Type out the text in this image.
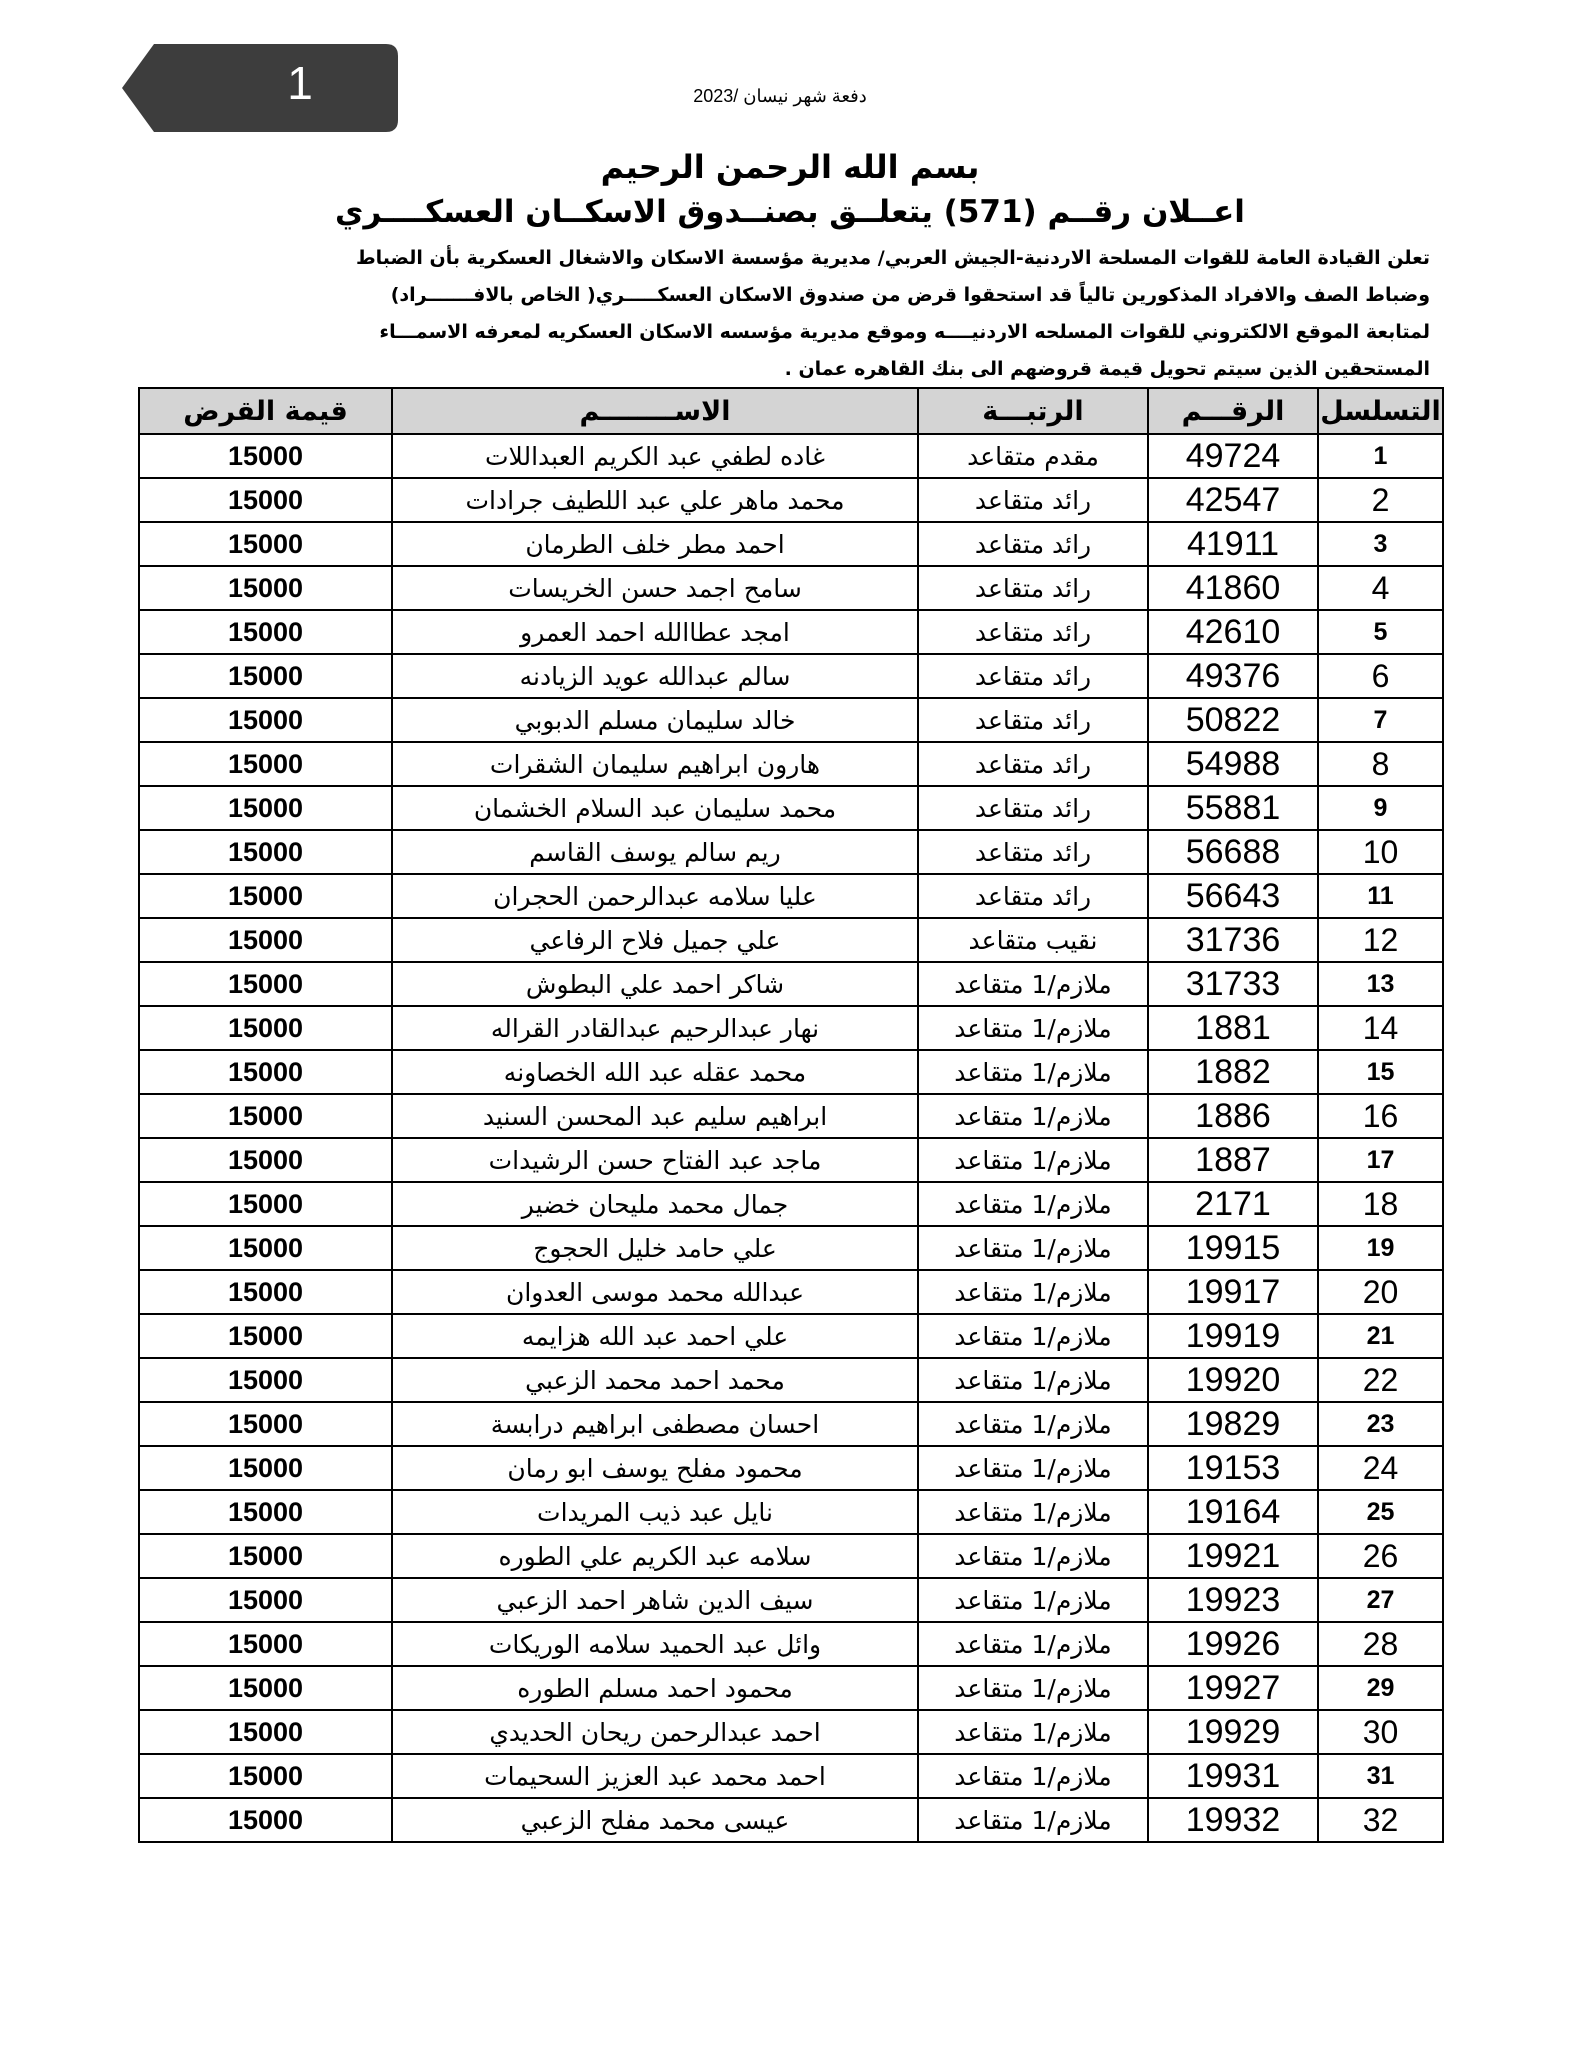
1	دفعة شهر نيسان /2023
بسم الله الرحمن الرحيم
اعــلان رقــم (571) يتعلــق بصنــدوق الاسكــان العسكــــري

تعلن القيادة العامة للقوات المسلحة الاردنية-الجيش العربي/ مديرية مؤسسة الاسكان والاشغال العسكرية بأن الضباط

وضباط الصف والافراد المذكورين تالياً قد استحقوا قرض من صندوق الاسكان العسكـــــري( الخاص بالافـــــــراد)

لمتابعة الموقع الالكتروني للقوات المسلحه الاردنيــــه وموقع مديرية مؤسسه الاسكان العسكريه لمعرفه الاسمـــاء

المستحقين الذين سيتم تحويل قيمة قروضهم الى بنك القاهره عمان .

التسلسل	الرقـــم	الرتبـــة	الاســــــــم	قيمة القرض
1	49724	مقدم متقاعد	غاده لطفي عبد الكريم العبداللات	15000
2	42547	رائد متقاعد	محمد ماهر علي عبد اللطيف جرادات	15000
3	41911	رائد متقاعد	احمد مطر خلف الطرمان	15000
4	41860	رائد متقاعد	سامح اجمد حسن الخريسات	15000
5	42610	رائد متقاعد	امجد عطاالله احمد العمرو	15000
6	49376	رائد متقاعد	سالم عبدالله عويد الزيادنه	15000
7	50822	رائد متقاعد	خالد سليمان مسلم الدبوبي	15000
8	54988	رائد متقاعد	هارون ابراهيم سليمان الشقرات	15000
9	55881	رائد متقاعد	محمد سليمان عبد السلام الخشمان	15000
10	56688	رائد متقاعد	ريم سالم يوسف القاسم	15000
11	56643	رائد متقاعد	عليا سلامه عبدالرحمن الحجران	15000
12	31736	نقيب متقاعد	علي جميل فلاح الرفاعي	15000
13	31733	ملازم/1 متقاعد	شاكر احمد علي البطوش	15000
14	1881	ملازم/1 متقاعد	نهار عبدالرحيم عبدالقادر القراله	15000
15	1882	ملازم/1 متقاعد	محمد عقله عبد الله الخصاونه	15000
16	1886	ملازم/1 متقاعد	ابراهيم سليم عبد المحسن السنيد	15000
17	1887	ملازم/1 متقاعد	ماجد عبد الفتاح حسن الرشيدات	15000
18	2171	ملازم/1 متقاعد	جمال محمد مليحان خضير	15000
19	19915	ملازم/1 متقاعد	علي حامد خليل الحجوج	15000
20	19917	ملازم/1 متقاعد	عبدالله محمد موسى العدوان	15000
21	19919	ملازم/1 متقاعد	علي احمد عبد الله هزايمه	15000
22	19920	ملازم/1 متقاعد	محمد احمد محمد الزعبي	15000
23	19829	ملازم/1 متقاعد	احسان مصطفى ابراهيم درابسة	15000
24	19153	ملازم/1 متقاعد	محمود مفلح يوسف ابو رمان	15000
25	19164	ملازم/1 متقاعد	نايل عبد ذيب المريدات	15000
26	19921	ملازم/1 متقاعد	سلامه عبد الكريم علي الطوره	15000
27	19923	ملازم/1 متقاعد	سيف الدين شاهر احمد الزعبي	15000
28	19926	ملازم/1 متقاعد	وائل عبد الحميد سلامه الوريكات	15000
29	19927	ملازم/1 متقاعد	محمود احمد مسلم الطوره	15000
30	19929	ملازم/1 متقاعد	احمد عبدالرحمن ريحان الحديدي	15000
31	19931	ملازم/1 متقاعد	احمد محمد عبد العزيز السحيمات	15000
32	19932	ملازم/1 متقاعد	عيسى محمد مفلح الزعبي	15000
